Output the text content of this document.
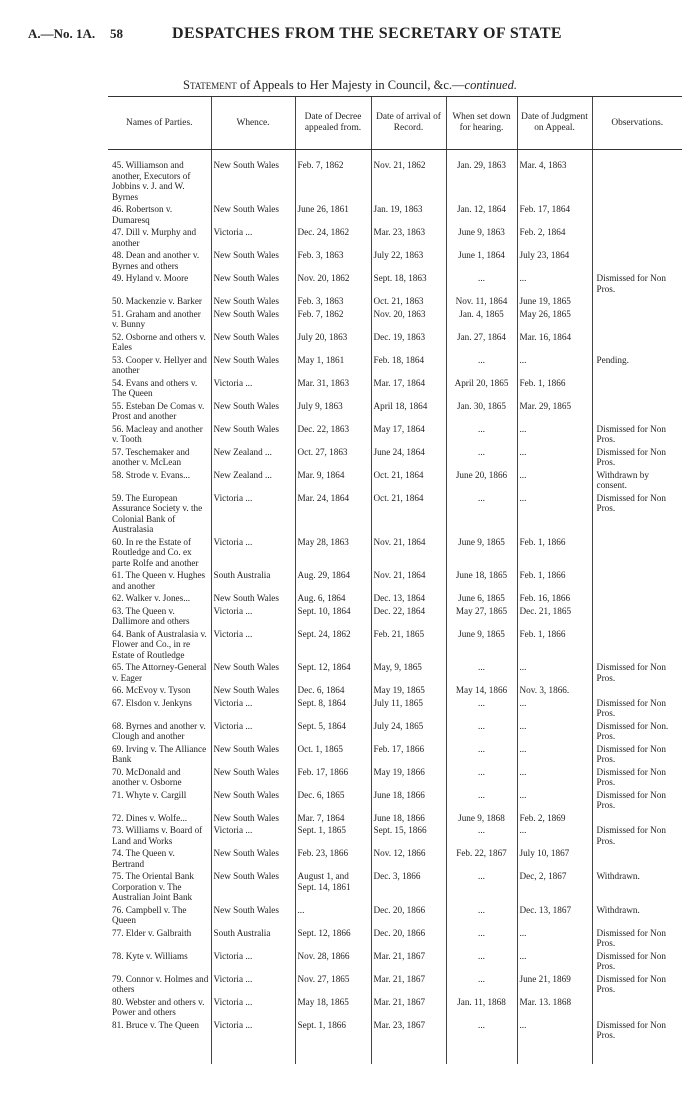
A.—No. 1A. 58	DESPATCHES FROM THE SECRETARY OF STATE
Statement of Appeals to Her Majesty in Council, &c.—continued.
Names of Parties.	Whence.	Date of Decree appealed from.	Date of arrival of Record.	When set down for hearing.	Date of Judgment on Appeal.	Observations.

45. Williamson and another, Executors of Jobbins v. J. and W. Byrnes	New South Wales	Feb. 7, 1862	Nov. 21, 1862	Jan. 29, 1863	Mar. 4, 1863	
46. Robertson v. Dumaresq	New South Wales	June 26, 1861	Jan. 19, 1863	Jan. 12, 1864	Feb. 17, 1864	
47. Dill v. Murphy and another	Victoria ...	Dec. 24, 1862	Mar. 23, 1863	June 9, 1863	Feb. 2, 1864	
48. Dean and another v. Byrnes and others	New South Wales	Feb. 3, 1863	July 22, 1863	June 1, 1864	July 23, 1864	
49. Hyland v. Moore	New South Wales	Nov. 20, 1862	Sept. 18, 1863	...	...	Dismissed for Non Pros.
50. Mackenzie v. Barker	New South Wales	Feb. 3, 1863	Oct. 21, 1863	Nov. 11, 1864	June 19, 1865	
51. Graham and another v. Bunny	New South Wales	Feb. 7, 1862	Nov. 20, 1863	Jan. 4, 1865	May 26, 1865	
52. Osborne and others v. Eales	New South Wales	July 20, 1863	Dec. 19, 1863	Jan. 27, 1864	Mar. 16, 1864	
53. Cooper v. Hellyer and another	New South Wales	May 1, 1861	Feb. 18, 1864	...	...	Pending.
54. Evans and others v. The Queen	Victoria ...	Mar. 31, 1863	Mar. 17, 1864	April 20, 1865	Feb. 1, 1866	
55. Esteban De Comas v. Prost and another	New South Wales	July 9, 1863	April 18, 1864	Jan. 30, 1865	Mar. 29, 1865	
56. Macleay and another v. Tooth	New South Wales	Dec. 22, 1863	May 17, 1864	...	...	Dismissed for Non Pros.
57. Teschemaker and another v. McLean	New Zealand ...	Oct. 27, 1863	June 24, 1864	...	...	Dismissed for Non Pros.
58. Strode v. Evans...	New Zealand ...	Mar. 9, 1864	Oct. 21, 1864	June 20, 1866	...	Withdrawn by consent.
59. The European Assurance Society v. the Colonial Bank of Australasia	Victoria ...	Mar. 24, 1864	Oct. 21, 1864	...	...	Dismissed for Non Pros.
60. In re the Estate of Routledge and Co. ex parte Rolfe and another	Victoria ...	May 28, 1863	Nov. 21, 1864	June 9, 1865	Feb. 1, 1866	
61. The Queen v. Hughes and another	South Australia	Aug. 29, 1864	Nov. 21, 1864	June 18, 1865	Feb. 1, 1866	
62. Walker v. Jones...	New South Wales	Aug. 6, 1864	Dec. 13, 1864	June 6, 1865	Feb. 16, 1866	
63. The Queen v. Dallimore and others	Victoria ...	Sept. 10, 1864	Dec. 22, 1864	May 27, 1865	Dec. 21, 1865	
64. Bank of Australasia v. Flower and Co., in re Estate of Routledge	Victoria ...	Sept. 24, 1862	Feb. 21, 1865	June 9, 1865	Feb. 1, 1866	
65. The Attorney-General v. Eager	New South Wales	Sept. 12, 1864	May, 9, 1865	...	...	Dismissed for Non Pros.
66. McEvoy v. Tyson	New South Wales	Dec. 6, 1864	May 19, 1865	May 14, 1866	Nov. 3, 1866.	
67. Elsdon v. Jenkyns	Victoria ...	Sept. 8, 1864	July 11, 1865	...	...	Dismissed for Non Pros.
68. Byrnes and another v. Clough and another	Victoria ...	Sept. 5, 1864	July 24, 1865	...	...	Dismissed for Non. Pros.
69. Irving v. The Alliance Bank	New South Wales	Oct. 1, 1865	Feb. 17, 1866	...	...	Dismissed for Non Pros.
70. McDonald and another v. Osborne	New South Wales	Feb. 17, 1866	May 19, 1866	...	...	Dismissed for Non Pros.
71. Whyte v. Cargill	New South Wales	Dec. 6, 1865	June 18, 1866	...	...	Dismissed for Non Pros.
72. Dines v. Wolfe...	New South Wales	Mar. 7, 1864	June 18, 1866	June 9, 1868	Feb. 2, 1869	
73. Williams v. Board of Land and Works	Victoria ...	Sept. 1, 1865	Sept. 15, 1866	...	...	Dismissed for Non Pros.
74. The Queen v. Bertrand	New South Wales	Feb. 23, 1866	Nov. 12, 1866	Feb. 22, 1867	July 10, 1867	
75. The Oriental Bank Corporation v. The Australian Joint Bank	New South Wales	August 1, and Sept. 14, 1861	Dec. 3, 1866	...	Dec, 2, 1867	Withdrawn.
76. Campbell v. The Queen	New South Wales	...	Dec. 20, 1866	...	Dec. 13, 1867	Withdrawn.
77. Elder v. Galbraith	South Australia	Sept. 12, 1866	Dec. 20, 1866	...	...	Dismissed for Non Pros.
78. Kyte v. Williams	Victoria ...	Nov. 28, 1866	Mar. 21, 1867	...	...	Dismissed for Non Pros.
79. Connor v. Holmes and others	Victoria ...	Nov. 27, 1865	Mar. 21, 1867	...	June 21, 1869	Dismissed for Non Pros.
80. Webster and others v. Power and others	Victoria ...	May 18, 1865	Mar. 21, 1867	Jan. 11, 1868	Mar. 13. 1868	
81. Bruce v. The Queen	Victoria ...	Sept. 1, 1866	Mar. 23, 1867	...	...	Dismissed for Non Pros.
